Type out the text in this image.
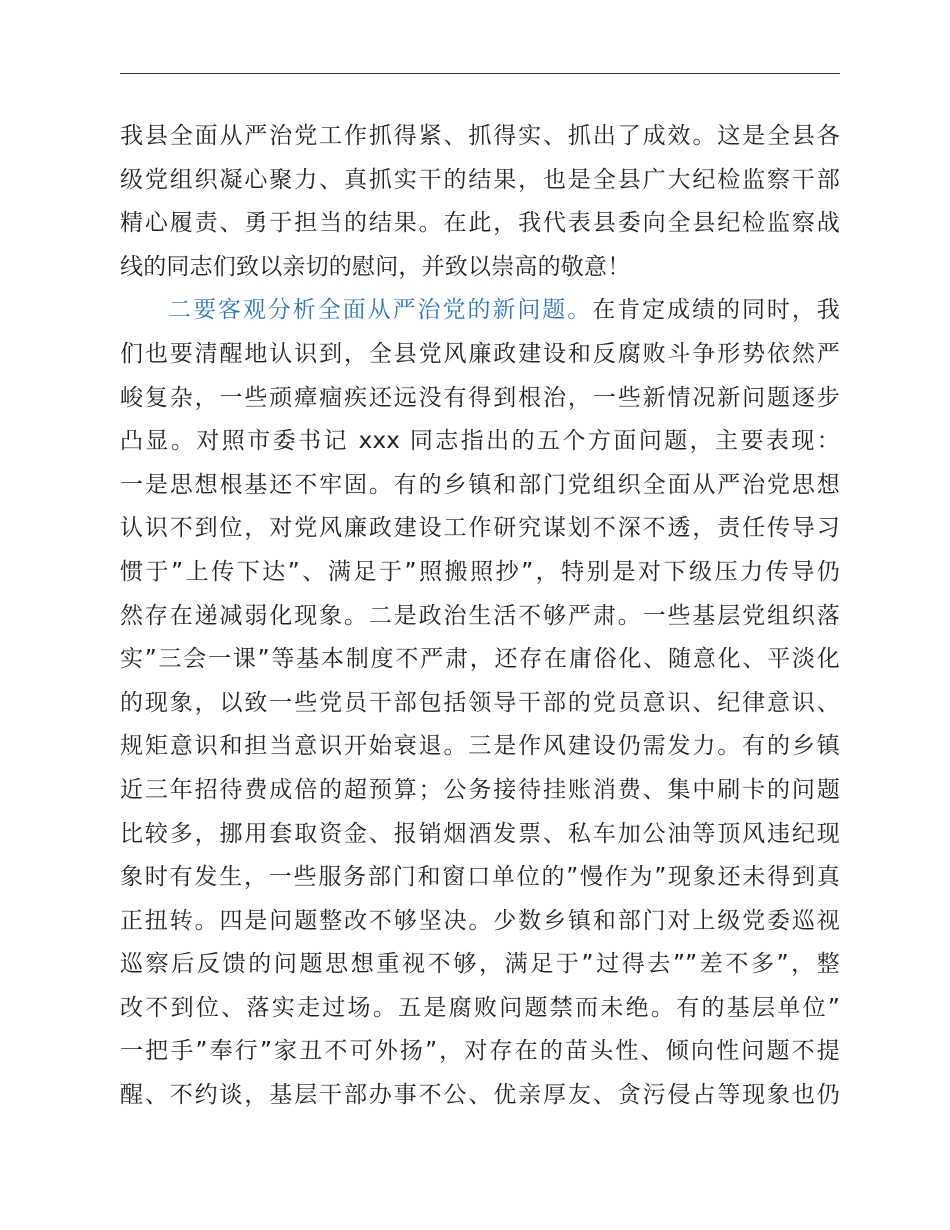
我县全面从严治党工作抓得紧、抓得实、抓出了成效。这是全县各
级党组织凝心聚力、真抓实干的结果，也是全县广大纪检监察干部
精心履责、勇于担当的结果。在此，我代表县委向全县纪检监察战
线的同志们致以亲切的慰问，并致以崇高的敬意！
二要客观分析全面从严治党的新问题。在肯定成绩的同时，我
们也要清醒地认识到，全县党风廉政建设和反腐败斗争形势依然严
峻复杂，一些顽瘴痼疾还远没有得到根治，一些新情况新问题逐步
凸显。对照市委书记 xxx 同志指出的五个方面问题，主要表现：
一是思想根基还不牢固。有的乡镇和部门党组织全面从严治党思想
认识不到位，对党风廉政建设工作研究谋划不深不透，责任传导习
惯于”上传下达”、满足于”照搬照抄”，特别是对下级压力传导仍
然存在递减弱化现象。二是政治生活不够严肃。一些基层党组织落
实”三会一课”等基本制度不严肃，还存在庸俗化、随意化、平淡化
的现象，以致一些党员干部包括领导干部的党员意识、纪律意识、
规矩意识和担当意识开始衰退。三是作风建设仍需发力。有的乡镇
近三年招待费成倍的超预算；公务接待挂账消费、集中刷卡的问题
比较多，挪用套取资金、报销烟酒发票、私车加公油等顶风违纪现
象时有发生，一些服务部门和窗口单位的”慢作为”现象还未得到真
正扭转。四是问题整改不够坚决。少数乡镇和部门对上级党委巡视
巡察后反馈的问题思想重视不够，满足于”过得去””差不多”，整
改不到位、落实走过场。五是腐败问题禁而未绝。有的基层单位”
一把手”奉行”家丑不可外扬”，对存在的苗头性、倾向性问题不提
醒、不约谈，基层干部办事不公、优亲厚友、贪污侵占等现象也仍
